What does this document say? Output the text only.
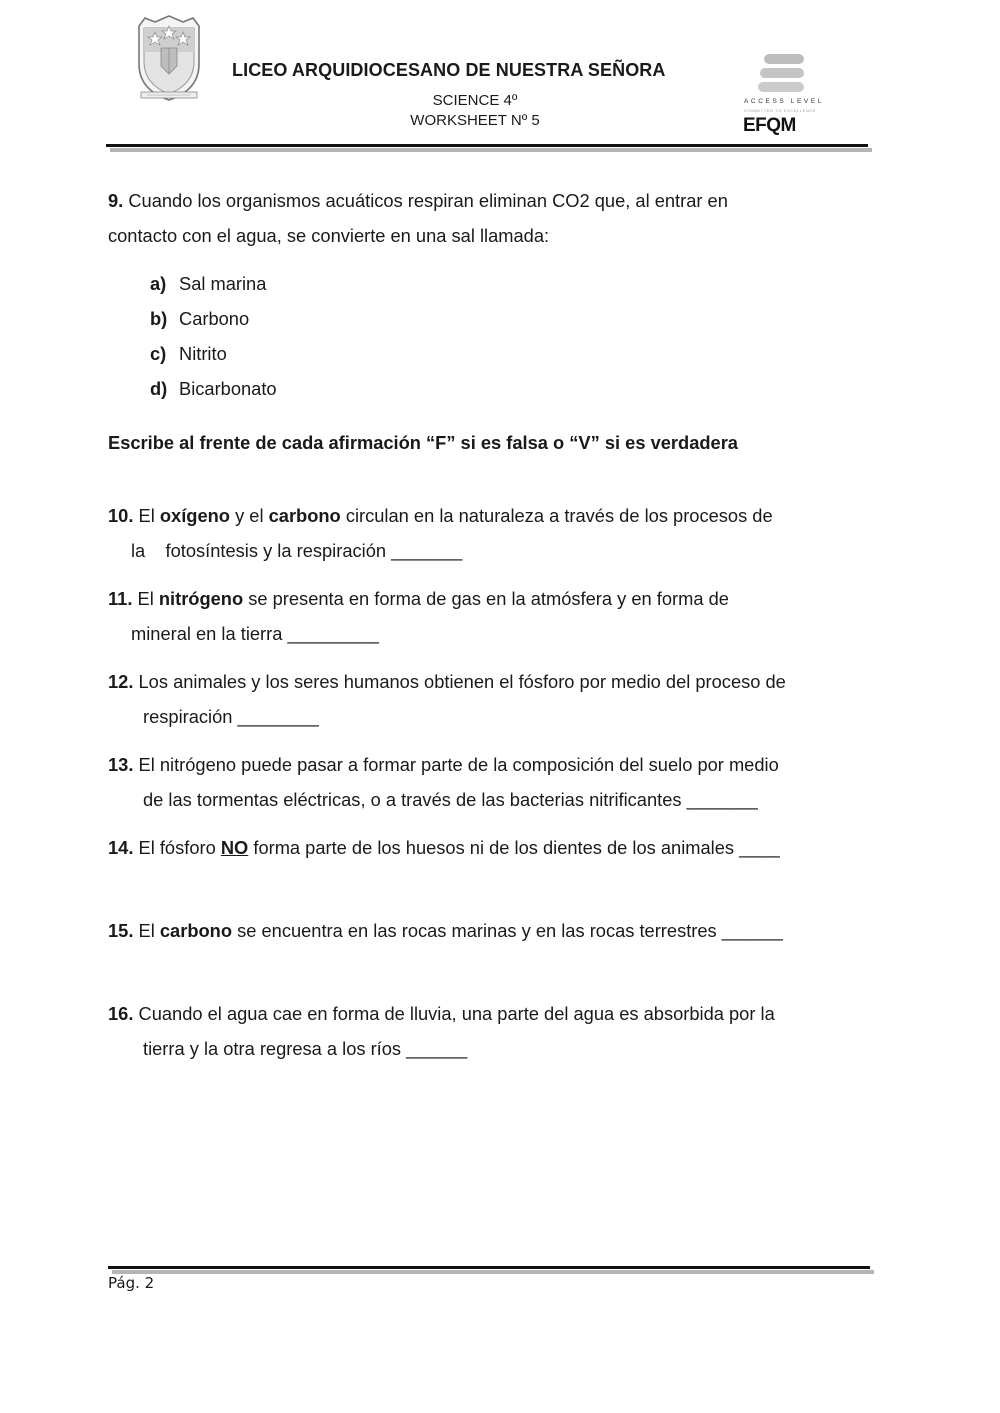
LICEO ARQUIDIOCESANO DE NUESTRA SEÑORA
SCIENCE 4º
WORKSHEET Nº 5
ACCESS LEVEL
COMMITTED TO EXCELLENCE
EFQM
9. Cuando los organismos acuáticos respiran eliminan CO2 que, al entrar en
contacto con el agua, se convierte en una sal llamada:
a) Sal marina
b) Carbono
c) Nitrito
d) Bicarbonato
Escribe al frente de cada afirmación “F” si es falsa o “V” si es verdadera
10. El oxígeno y el carbono circulan en la naturaleza a través de los procesos de
la    fotosíntesis y la respiración _______
11. El nitrógeno se presenta en forma de gas en la atmósfera y en forma de
mineral en la tierra _________
12. Los animales y los seres humanos obtienen el fósforo por medio del proceso de
respiración ________
13. El nitrógeno puede pasar a formar parte de la composición del suelo por medio
de las tormentas eléctricas, o a través de las bacterias nitrificantes _______
14. El fósforo NO forma parte de los huesos ni de los dientes de los animales ____
15. El carbono se encuentra en las rocas marinas y en las rocas terrestres ______
16. Cuando el agua cae en forma de lluvia, una parte del agua es absorbida por la
tierra y la otra regresa a los ríos ______
Pág. 2
